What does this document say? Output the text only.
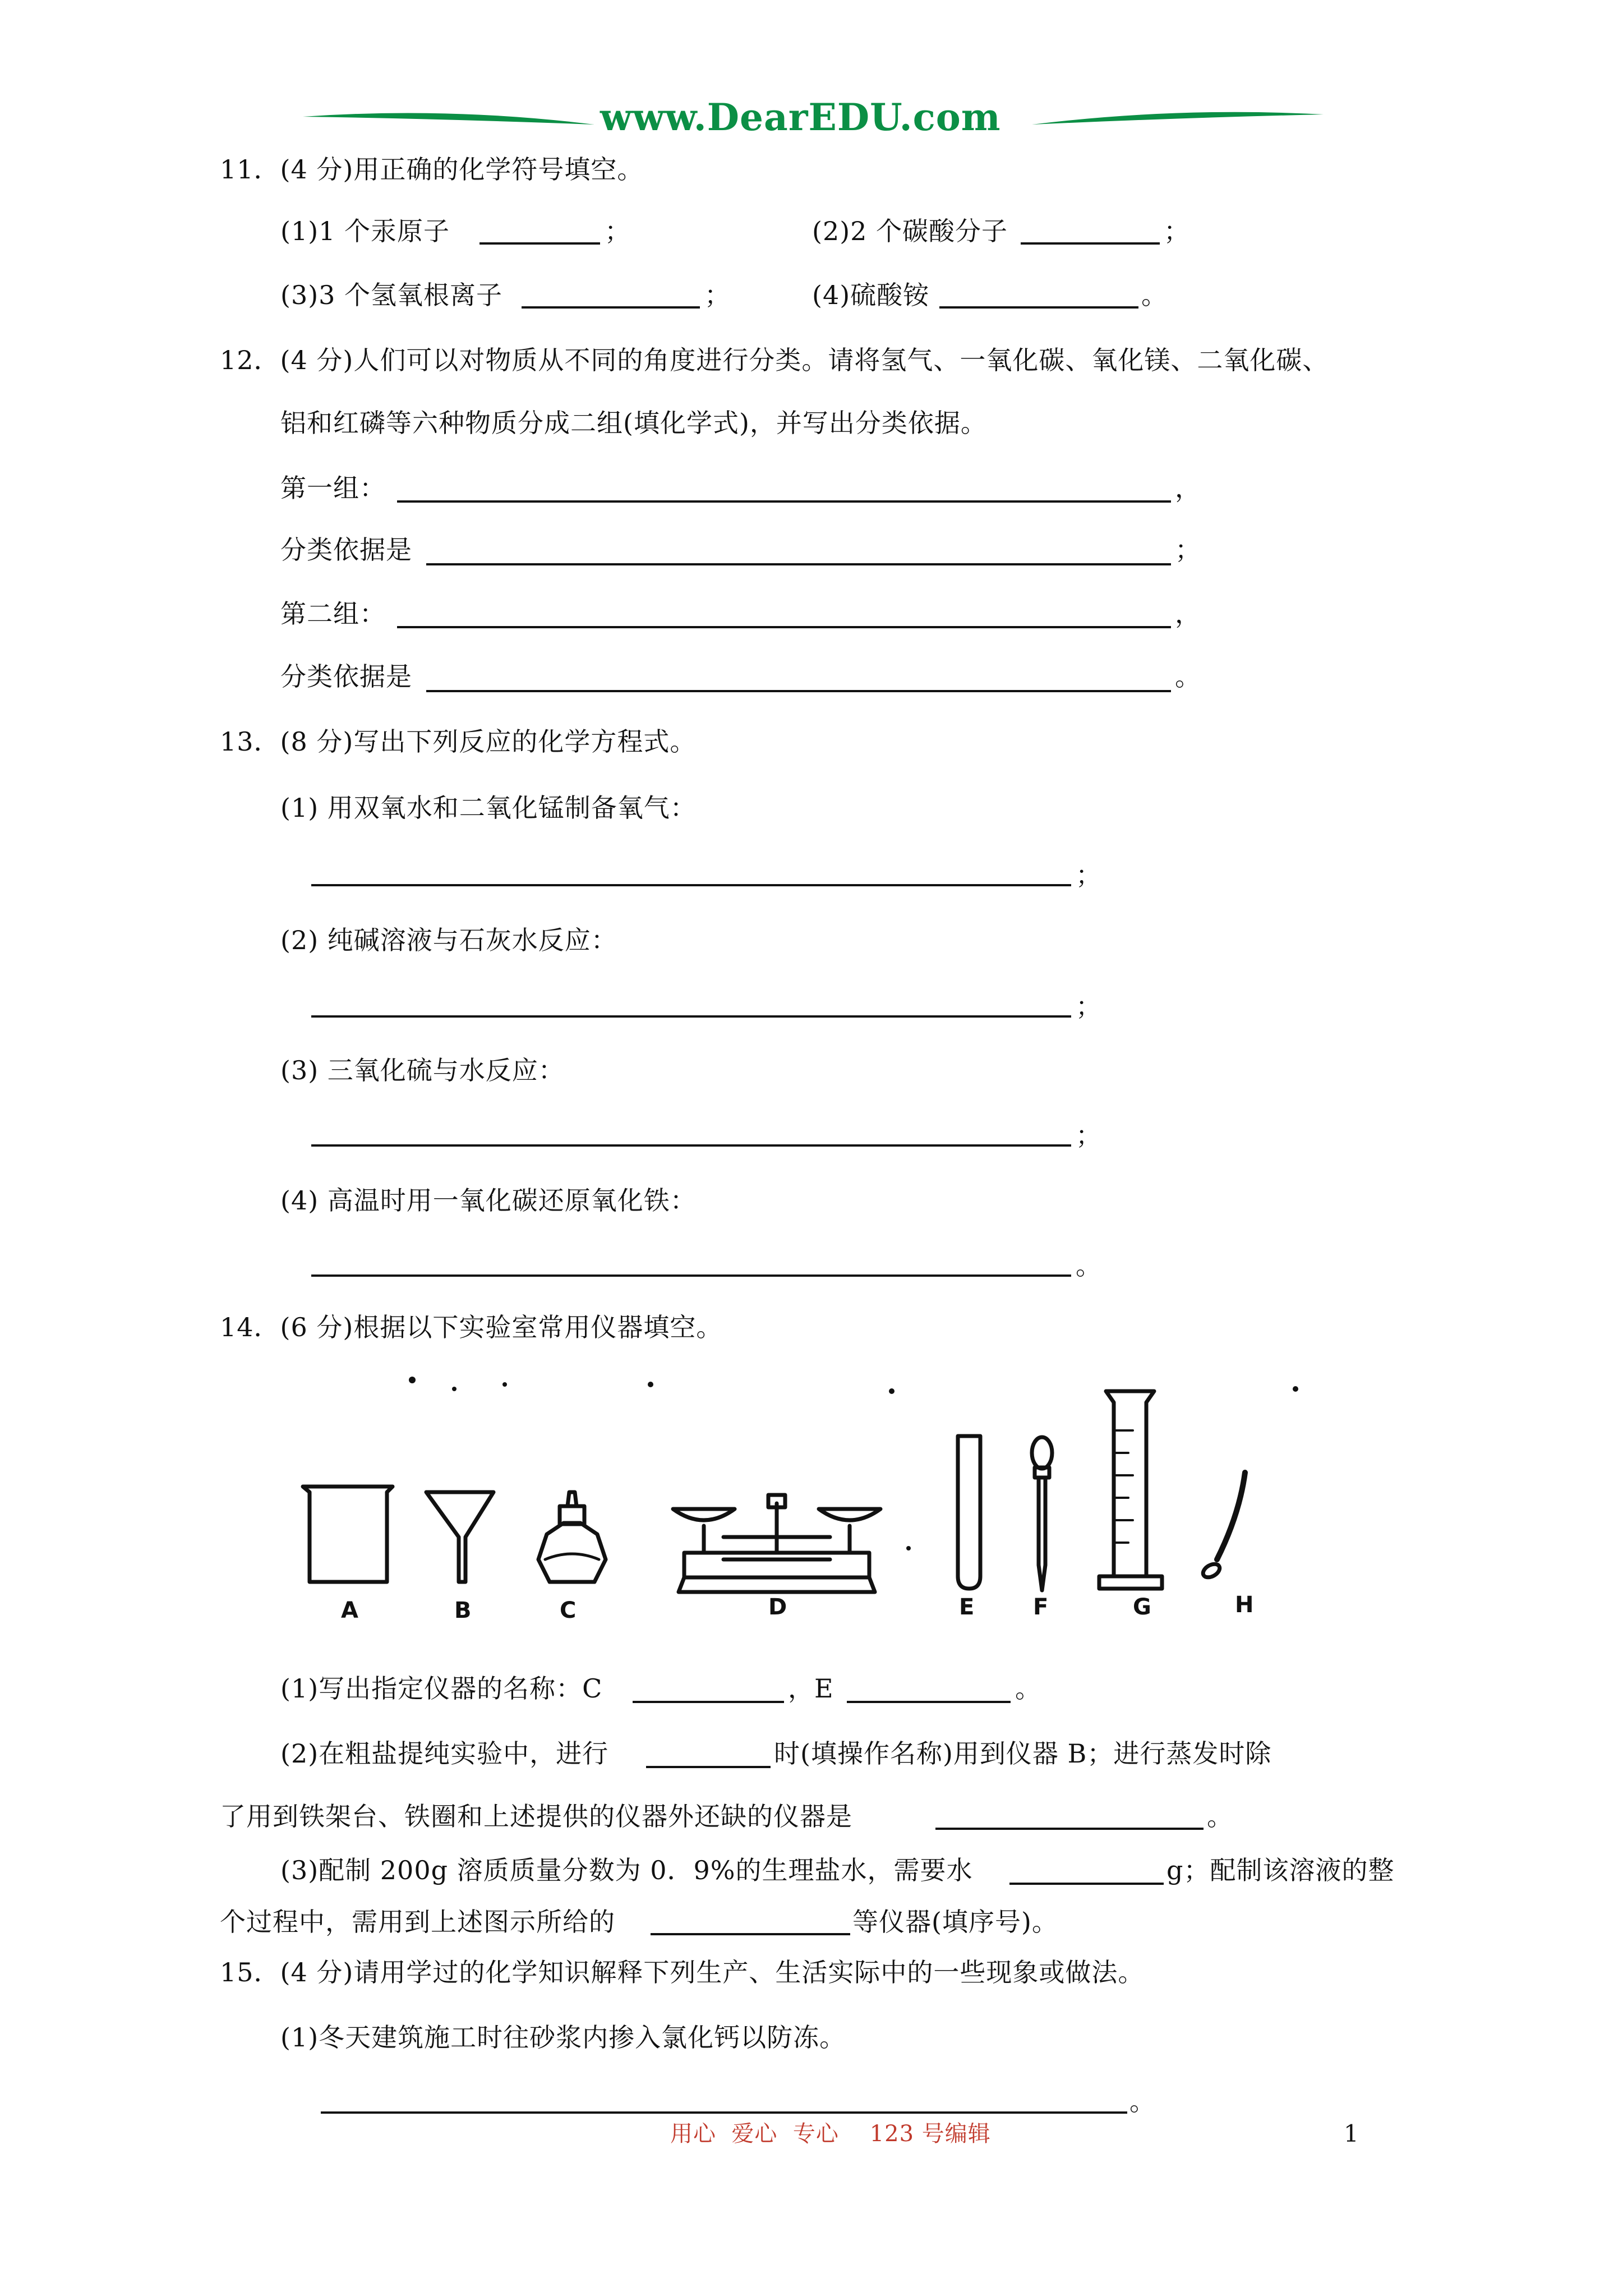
www.DearEDU.com
11．(4 分)用正确的化学符号填空。
(1)1 个汞原子	；	(2)2 个碳酸分子	；
(3)3 个氢氧根离子	；	(4)硫酸铵	。
12．(4 分)人们可以对物质从不同的角度进行分类。请将氢气、一氧化碳、氧化镁、二氧化碳、
铝和红磷等六种物质分成二组(填化学式)，并写出分类依据。
第一组：	，
分类依据是	；
第二组：	，
分类依据是	。
13．(8 分)写出下列反应的化学方程式。
(1) 用双氧水和二氧化锰制备氧气：
；
(2) 纯碱溶液与石灰水反应：
；
(3) 三氧化硫与水反应：
；
(4) 高温时用一氧化碳还原氧化铁：
。
14．(6 分)根据以下实验室常用仪器填空。
A	B	C	D	E	F	G	H
(1)写出指定仪器的名称：C	，E	。
(2)在粗盐提纯实验中，进行	时(填操作名称)用到仪器 B；进行蒸发时除
了用到铁架台、铁圈和上述提供的仪器外还缺的仪器是	。
(3)配制 200g 溶质质量分数为 0．9%的生理盐水，需要水	g；配制该溶液的整
个过程中，需用到上述图示所给的	等仪器(填序号)。
15．(4 分)请用学过的化学知识解释下列生产、生活实际中的一些现象或做法。
(1)冬天建筑施工时往砂浆内掺入氯化钙以防冻。
。
用心  爱心  专心    123 号编辑	1
